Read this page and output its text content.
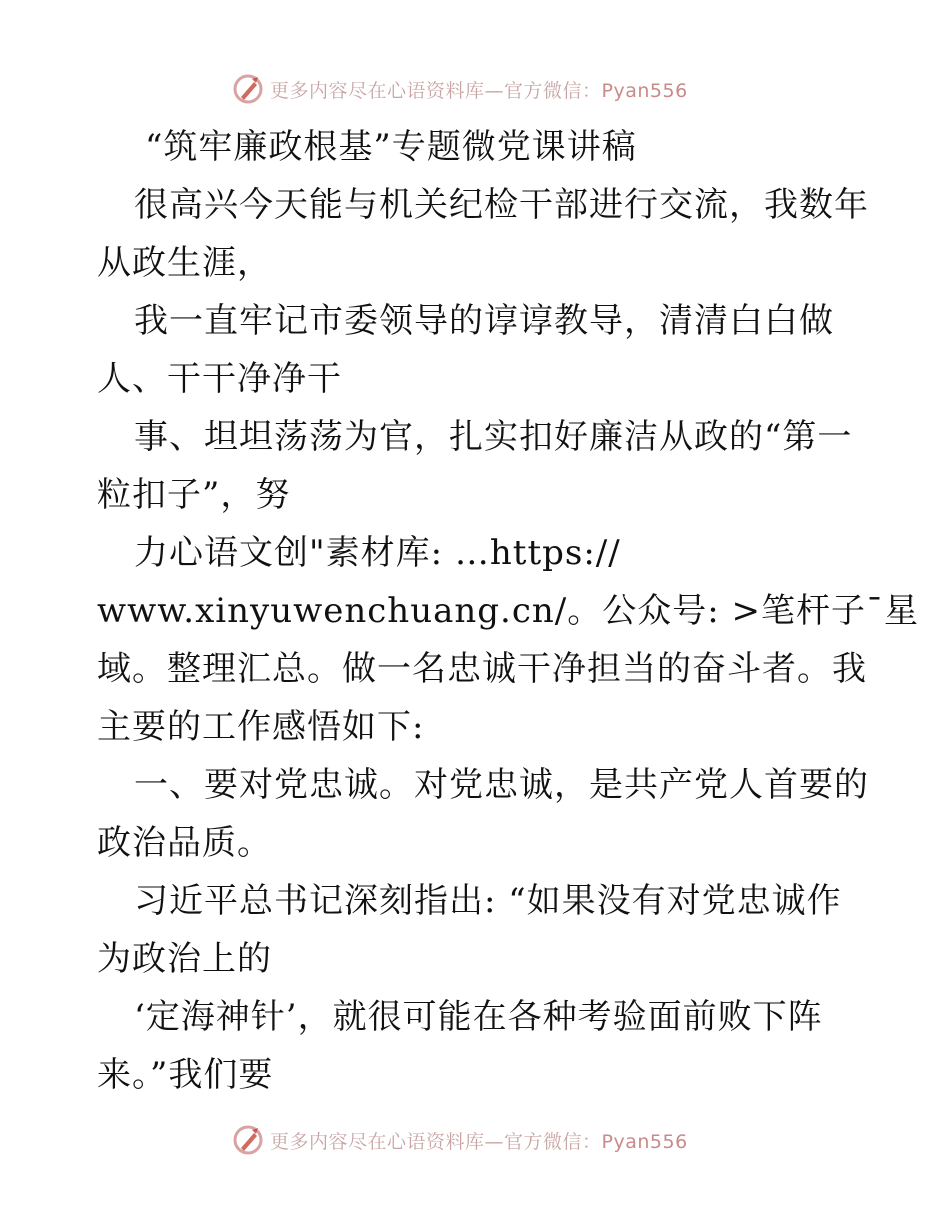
更多内容尽在心语资料库—官方微信：Pyan556
“筑牢廉政根基”专题微党课讲稿
很高兴今天能与机关纪检干部进行交流，我数年
从政生涯，
我一直牢记市委领导的谆谆教导，清清白白做
人、干干净净干
事、坦坦荡荡为官，扎实扣好廉洁从政的“第一
粒扣子”，努
力心语文创"素材库: …https://
www.xinyuwenchuang.cn/。公众号: >笔杆子¯星
域。整理汇总。做一名忠诚干净担当的奋斗者。我
主要的工作感悟如下:
一、要对党忠诚。对党忠诚，是共产党人首要的
政治品质。
习近平总书记深刻指出: “如果没有对党忠诚作
为政治上的
‘定海神针’，就很可能在各种考验面前败下阵
来。”我们要
更多内容尽在心语资料库—官方微信：Pyan556
